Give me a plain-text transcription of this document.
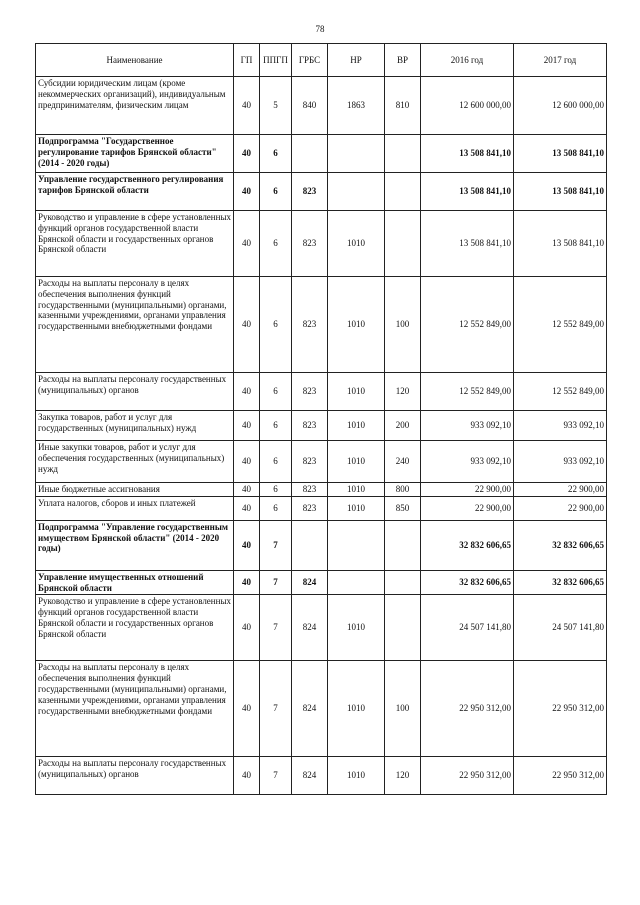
78
Наименование	ГП	ППГП	ГРБС	НР	ВР	2016 год	2017 год
Субсидии юридическим лицам (кроме некоммерческих организаций), индивидуальным предпринимателям, физическим лицам	40	5	840	1863	810	12 600 000,00	12 600 000,00
Подпрограмма "Государственное регулирование тарифов Брянской области" (2014 - 2020 годы)	40	6				13 508 841,10	13 508 841,10
Управление государственного регулирования тарифов Брянской области	40	6	823			13 508 841,10	13 508 841,10
Руководство и управление в сфере установленных функций органов государственной власти Брянской области и государственных органов Брянской области	40	6	823	1010		13 508 841,10	13 508 841,10
Расходы на выплаты персоналу в целях обеспечения выполнения функций государственными (муниципальными) органами, казенными учреждениями, органами управления государственными внебюджетными фондами	40	6	823	1010	100	12 552 849,00	12 552 849,00
Расходы на выплаты персоналу государственных (муниципальных) органов	40	6	823	1010	120	12 552 849,00	12 552 849,00
Закупка товаров, работ и услуг для государственных (муниципальных) нужд	40	6	823	1010	200	933 092,10	933 092,10
Иные закупки товаров, работ и услуг для обеспечения государственных (муниципальных) нужд	40	6	823	1010	240	933 092,10	933 092,10
Иные бюджетные ассигнования	40	6	823	1010	800	22 900,00	22 900,00
Уплата налогов, сборов и иных платежей	40	6	823	1010	850	22 900,00	22 900,00
Подпрограмма "Управление государственным имуществом Брянской области" (2014 - 2020 годы)	40	7				32 832 606,65	32 832 606,65
Управление имущественных отношений Брянской области	40	7	824			32 832 606,65	32 832 606,65
Руководство и управление в сфере установленных функций органов государственной власти Брянской области и государственных органов Брянской области	40	7	824	1010		24 507 141,80	24 507 141,80
Расходы на выплаты персоналу в целях обеспечения выполнения функций государственными (муниципальными) органами, казенными учреждениями, органами управления государственными внебюджетными фондами	40	7	824	1010	100	22 950 312,00	22 950 312,00
Расходы на выплаты персоналу государственных (муниципальных) органов	40	7	824	1010	120	22 950 312,00	22 950 312,00
